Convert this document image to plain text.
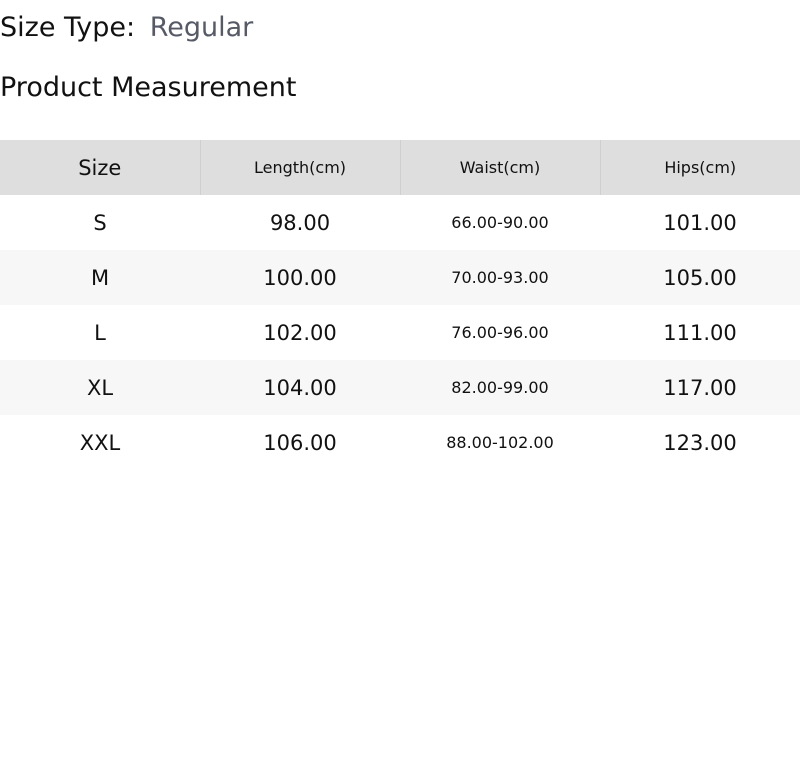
Size Type: Regular
Product Measurement
Size	Length(cm)	Waist(cm)	Hips(cm)
S	98.00	66.00-90.00	101.00
M	100.00	70.00-93.00	105.00
L	102.00	76.00-96.00	111.00
XL	104.00	82.00-99.00	117.00
XXL	106.00	88.00-102.00	123.00
